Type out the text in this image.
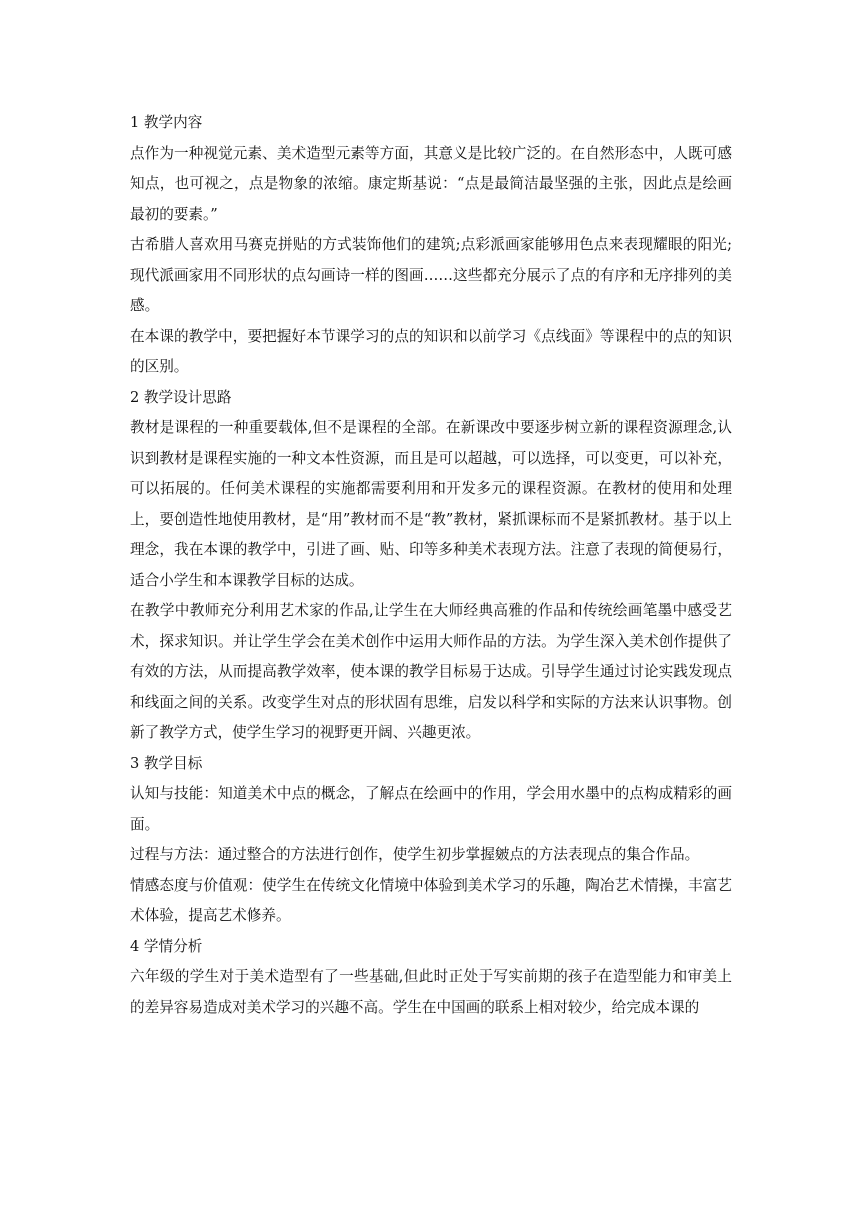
1 教学内容

点作为一种视觉元素、美术造型元素等方面，其意义是比较广泛的。在自然形态中，人既可感知点，也可视之，点是物象的浓缩。康定斯基说：“点是最简洁最坚强的主张，因此点是绘画最初的要素。”

古希腊人喜欢用马赛克拼贴的方式装饰他们的建筑;点彩派画家能够用色点来表现耀眼的阳光;现代派画家用不同形状的点勾画诗一样的图画……这些都充分展示了点的有序和无序排列的美感。

在本课的教学中，要把握好本节课学习的点的知识和以前学习《点线面》等课程中的点的知识的区别。

2 教学设计思路

教材是课程的一种重要载体,但不是课程的全部。在新课改中要逐步树立新的课程资源理念,认识到教材是课程实施的一种文本性资源，而且是可以超越，可以选择，可以变更，可以补充，可以拓展的。任何美术课程的实施都需要利用和开发多元的课程资源。在教材的使用和处理上，要创造性地使用教材，是“用”教材而不是“教”教材，紧抓课标而不是紧抓教材。基于以上理念，我在本课的教学中，引进了画、贴、印等多种美术表现方法。注意了表现的简便易行，适合小学生和本课教学目标的达成。

在教学中教师充分利用艺术家的作品,让学生在大师经典高雅的作品和传统绘画笔墨中感受艺术，探求知识。并让学生学会在美术创作中运用大师作品的方法。为学生深入美术创作提供了有效的方法，从而提高教学效率，使本课的教学目标易于达成。引导学生通过讨论实践发现点和线面之间的关系。改变学生对点的形状固有思维，启发以科学和实际的方法来认识事物。创新了教学方式，使学生学习的视野更开阔、兴趣更浓。

3 教学目标

认知与技能：知道美术中点的概念，了解点在绘画中的作用，学会用水墨中的点构成精彩的画面。

过程与方法：通过整合的方法进行创作，使学生初步掌握皴点的方法表现点的集合作品。

情感态度与价值观：使学生在传统文化情境中体验到美术学习的乐趣，陶冶艺术情操，丰富艺术体验，提高艺术修养。

4 学情分析

六年级的学生对于美术造型有了一些基础,但此时正处于写实前期的孩子在造型能力和审美上的差异容易造成对美术学习的兴趣不高。学生在中国画的联系上相对较少，给完成本课的
